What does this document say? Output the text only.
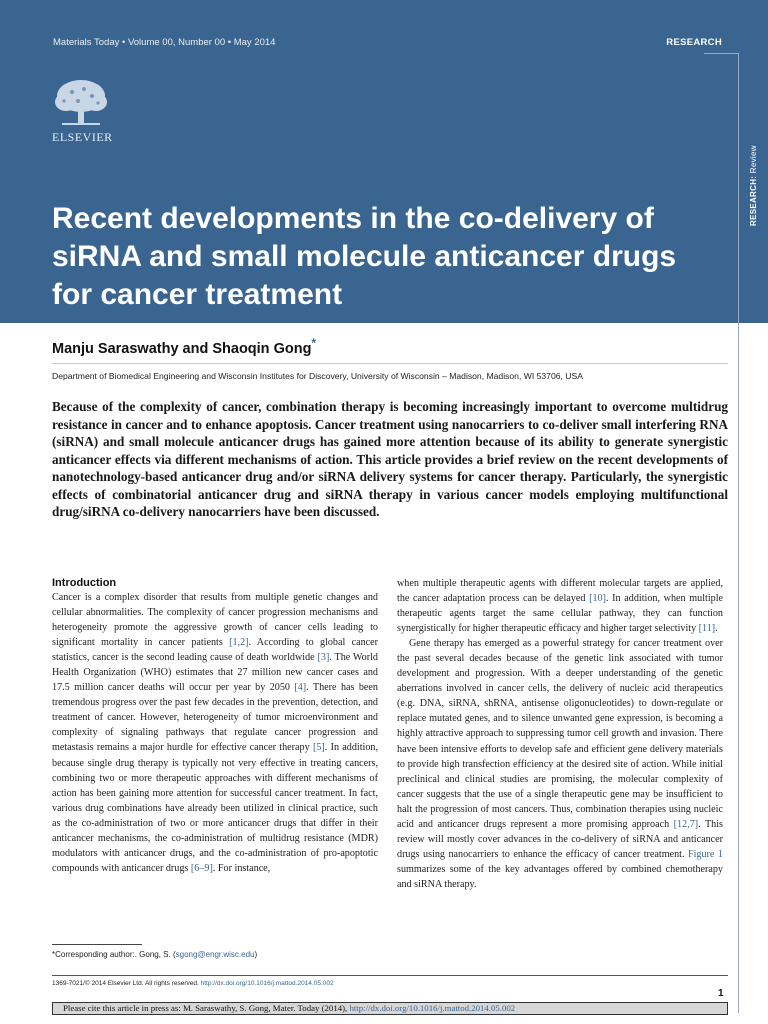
Materials Today • Volume 00, Number 00 • May 2014	RESEARCH
ELSEVIER
Recent developments in the co-delivery of siRNA and small molecule anticancer drugs for cancer treatment
RESEARCH: Review
Manju Saraswathy and Shaoqin Gong*
Department of Biomedical Engineering and Wisconsin Institutes for Discovery, University of Wisconsin – Madison, Madison, WI 53706, USA

Because of the complexity of cancer, combination therapy is becoming increasingly important to overcome multidrug resistance in cancer and to enhance apoptosis. Cancer treatment using nanocarriers to co-deliver small interfering RNA (siRNA) and small molecule anticancer drugs has gained more attention because of its ability to generate synergistic anticancer effects via different mechanisms of action. This article provides a brief review on the recent developments of nanotechnology-based anticancer drug and/or siRNA delivery systems for cancer therapy. Particularly, the synergistic effects of combinatorial anticancer drug and siRNA therapy in various cancer models employing multifunctional drug/siRNA co-delivery nanocarriers have been discussed.

Introduction

Cancer is a complex disorder that results from multiple genetic changes and cellular abnormalities. The complexity of cancer progression mechanisms and heterogeneity promote the aggressive growth of cancer cells leading to significant mortality in cancer patients [1,2]. According to global cancer statistics, cancer is the second leading cause of death worldwide [3]. The World Health Organization (WHO) estimates that 27 million new cancer cases and 17.5 million cancer deaths will occur per year by 2050 [4]. There has been tremendous progress over the past few decades in the prevention, detection, and treatment of cancer. However, heterogeneity of tumor microenvironment and complexity of signaling pathways that regulate cancer progression and metastasis remains a major hurdle for effective cancer therapy [5]. In addition, because single drug therapy is typically not very effective in treating cancers, combining two or more therapeutic approaches with different mechanisms of action has been gaining more attention for successful cancer treatment. In fact, various drug combinations have already been utilized in clinical practice, such as the co-administration of two or more anticancer drugs that differ in their anticancer mechanisms, the co-administration of multidrug resistance (MDR) modulators with anticancer drugs, and the co-administration of pro-apoptotic compounds with anticancer drugs [6–9]. For instance,

when multiple therapeutic agents with different molecular targets are applied, the cancer adaptation process can be delayed [10]. In addition, when multiple therapeutic agents target the same cellular pathway, they can function synergistically for higher therapeutic efficacy and higher target selectivity [11].

Gene therapy has emerged as a powerful strategy for cancer treatment over the past several decades because of the genetic link associated with tumor development and progression. With a deeper understanding of the genetic aberrations involved in cancer cells, the delivery of nucleic acid therapeutics (e.g. DNA, siRNA, shRNA, antisense oligonucleotides) to down-regulate or replace mutated genes, and to silence unwanted gene expression, is becoming a highly attractive approach to suppressing tumor cell growth and invasion. There have been intensive efforts to develop safe and efficient gene delivery materials to provide high transfection efficiency at the desired site of action. While initial preclinical and clinical studies are promising, the molecular complexity of cancer suggests that the use of a single therapeutic gene may be insufficient to halt the progression of most cancers. Thus, combination therapies using nucleic acid and anticancer drugs represent a more promising approach [12,7]. This review will mostly cover advances in the co-delivery of siRNA and anticancer drugs using nanocarriers to enhance the efficacy of cancer treatment. Figure 1 summarizes some of the key advantages offered by combined chemotherapy and siRNA therapy.

*Corresponding author:. Gong, S. (sgong@engr.wisc.edu)
1369-7021/© 2014 Elsevier Ltd. All rights reserved. http://dx.doi.org/10.1016/j.mattod.2014.05.002
1
Please cite this article in press as: M. Saraswathy, S. Gong, Mater. Today (2014), http://dx.doi.org/10.1016/j.mattod.2014.05.002
